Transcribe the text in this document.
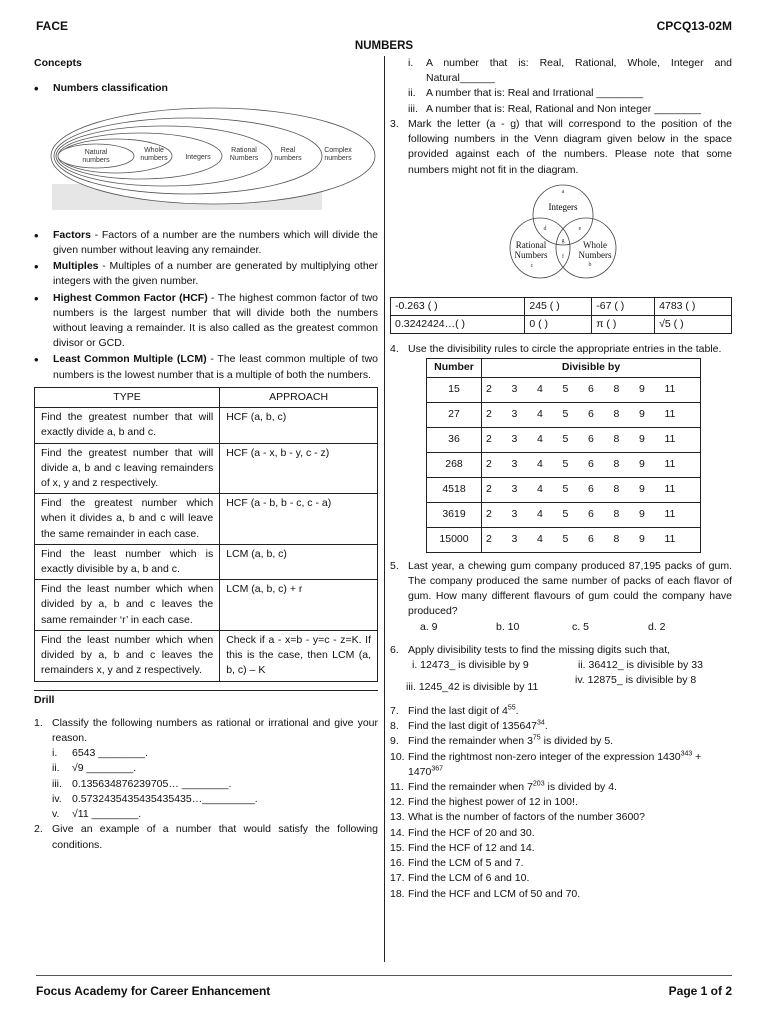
FACE	CPCQ13-02M
NUMBERS
Concepts
• Numbers classification
Natural
numbers
Whole
numbers	Integers
Rational
Numbers
Real
numbers
Complex
numbers
• Factors - Factors of a number are the numbers which will divide the given number without leaving any remainder.
• Multiples - Multiples of a number are generated by multiplying other integers with the given number.
• Highest Common Factor (HCF) - The highest common factor of two numbers is the largest number that will divide both the numbers without leaving a remainder. It is also called as the greatest common divisor or GCD.
• Least Common Multiple (LCM) - The least common multiple of two numbers is the lowest number that is a multiple of both the numbers.
TYPE	APPROACH
Find the greatest number that will exactly divide a, b and c.	HCF (a, b, c)
Find the greatest number that will divide a, b and c leaving remainders of x, y and z respectively.	HCF (a - x, b - y, c - z)
Find the greatest number which when it divides a, b and c will leave the same remainder in each case.	HCF (a - b, b - c, c - a)
Find the least number which is exactly divisible by a, b and c.	LCM (a, b, c)
Find the least number which when divided by a, b and c leaves the same remainder ‘r’ in each case.	LCM (a, b, c) + r
Find the least number which when divided by a, b and c leaves the remainders x, y and z respectively.	Check if a - x=b - y=c - z=K. If this is the case, then LCM (a, b, c) – K
Drill
1. Classify the following numbers as rational or irrational and give your reason.
i. 6543 ________.
ii. √9 ________.
iii. 0.135634876239705… ________.
iv. 0.5732435435435435435…_________.
v. √11 ________.
2. Give an example of a number that would satisfy the following conditions.
i. A number that is: Real, Rational, Whole, Integer and Natural______
ii. A number that is: Real and Irrational ________
iii. A number that is: Real, Rational and Non integer ________
3. Mark the letter (a - g) that will correspond to the position of the following numbers in the Venn diagram given below in the space provided against each of the numbers. Please note that some numbers might not fit in the diagram.
Integers
Rational Numbers
Whole Numbers
a
b
c
d	e
f
g
-0.263 ( )	245 ( )	-67 ( )	4783 ( )
0.3242424…( )	0 ( )	π ( )	√5 ( )
4. Use the divisibility rules to circle the appropriate entries in the table.
Number	Divisible by
15	2 3 4 5 6 8 9 11
27	2 3 4 5 6 8 9 11
36	2 3 4 5 6 8 9 11
268	2 3 4 5 6 8 9 11
4518	2 3 4 5 6 8 9 11
3619	2 3 4 5 6 8 9 11
15000	2 3 4 5 6 8 9 11
5. Last year, a chewing gum company produced 87,195 packs of gum. The company produced the same number of packs of each flavor of gum. How many different flavours of gum could the company have produced?
a. 9	b. 10	c. 5	d. 2
6. Apply divisibility tests to find the missing digits such that,
i. 12473_ is divisible by 9	ii. 36412_ is divisible by 33
iii. 1245_42 is divisible by 11
iv. 12875_ is divisible by 8
7. Find the last digit of $4^{55}$.
8. Find the last digit of 135647$^{34}$.
9. Find the remainder when $3^{75}$ is divided by 5.
10. Find the rightmost non-zero integer of the expression $1430^{343} + 1470^{367}$
11. Find the remainder when $7^{203}$ is divided by 4.
12. Find the highest power of 12 in 100!.
13. What is the number of factors of the number 3600?
14. Find the HCF of 20 and 30.
15. Find the HCF of 12 and 14.
16. Find the LCM of 5 and 7.
17. Find the LCM of 6 and 10.
18. Find the HCF and LCM of 50 and 70.
Focus Academy for Career Enhancement	Page 1 of 2
